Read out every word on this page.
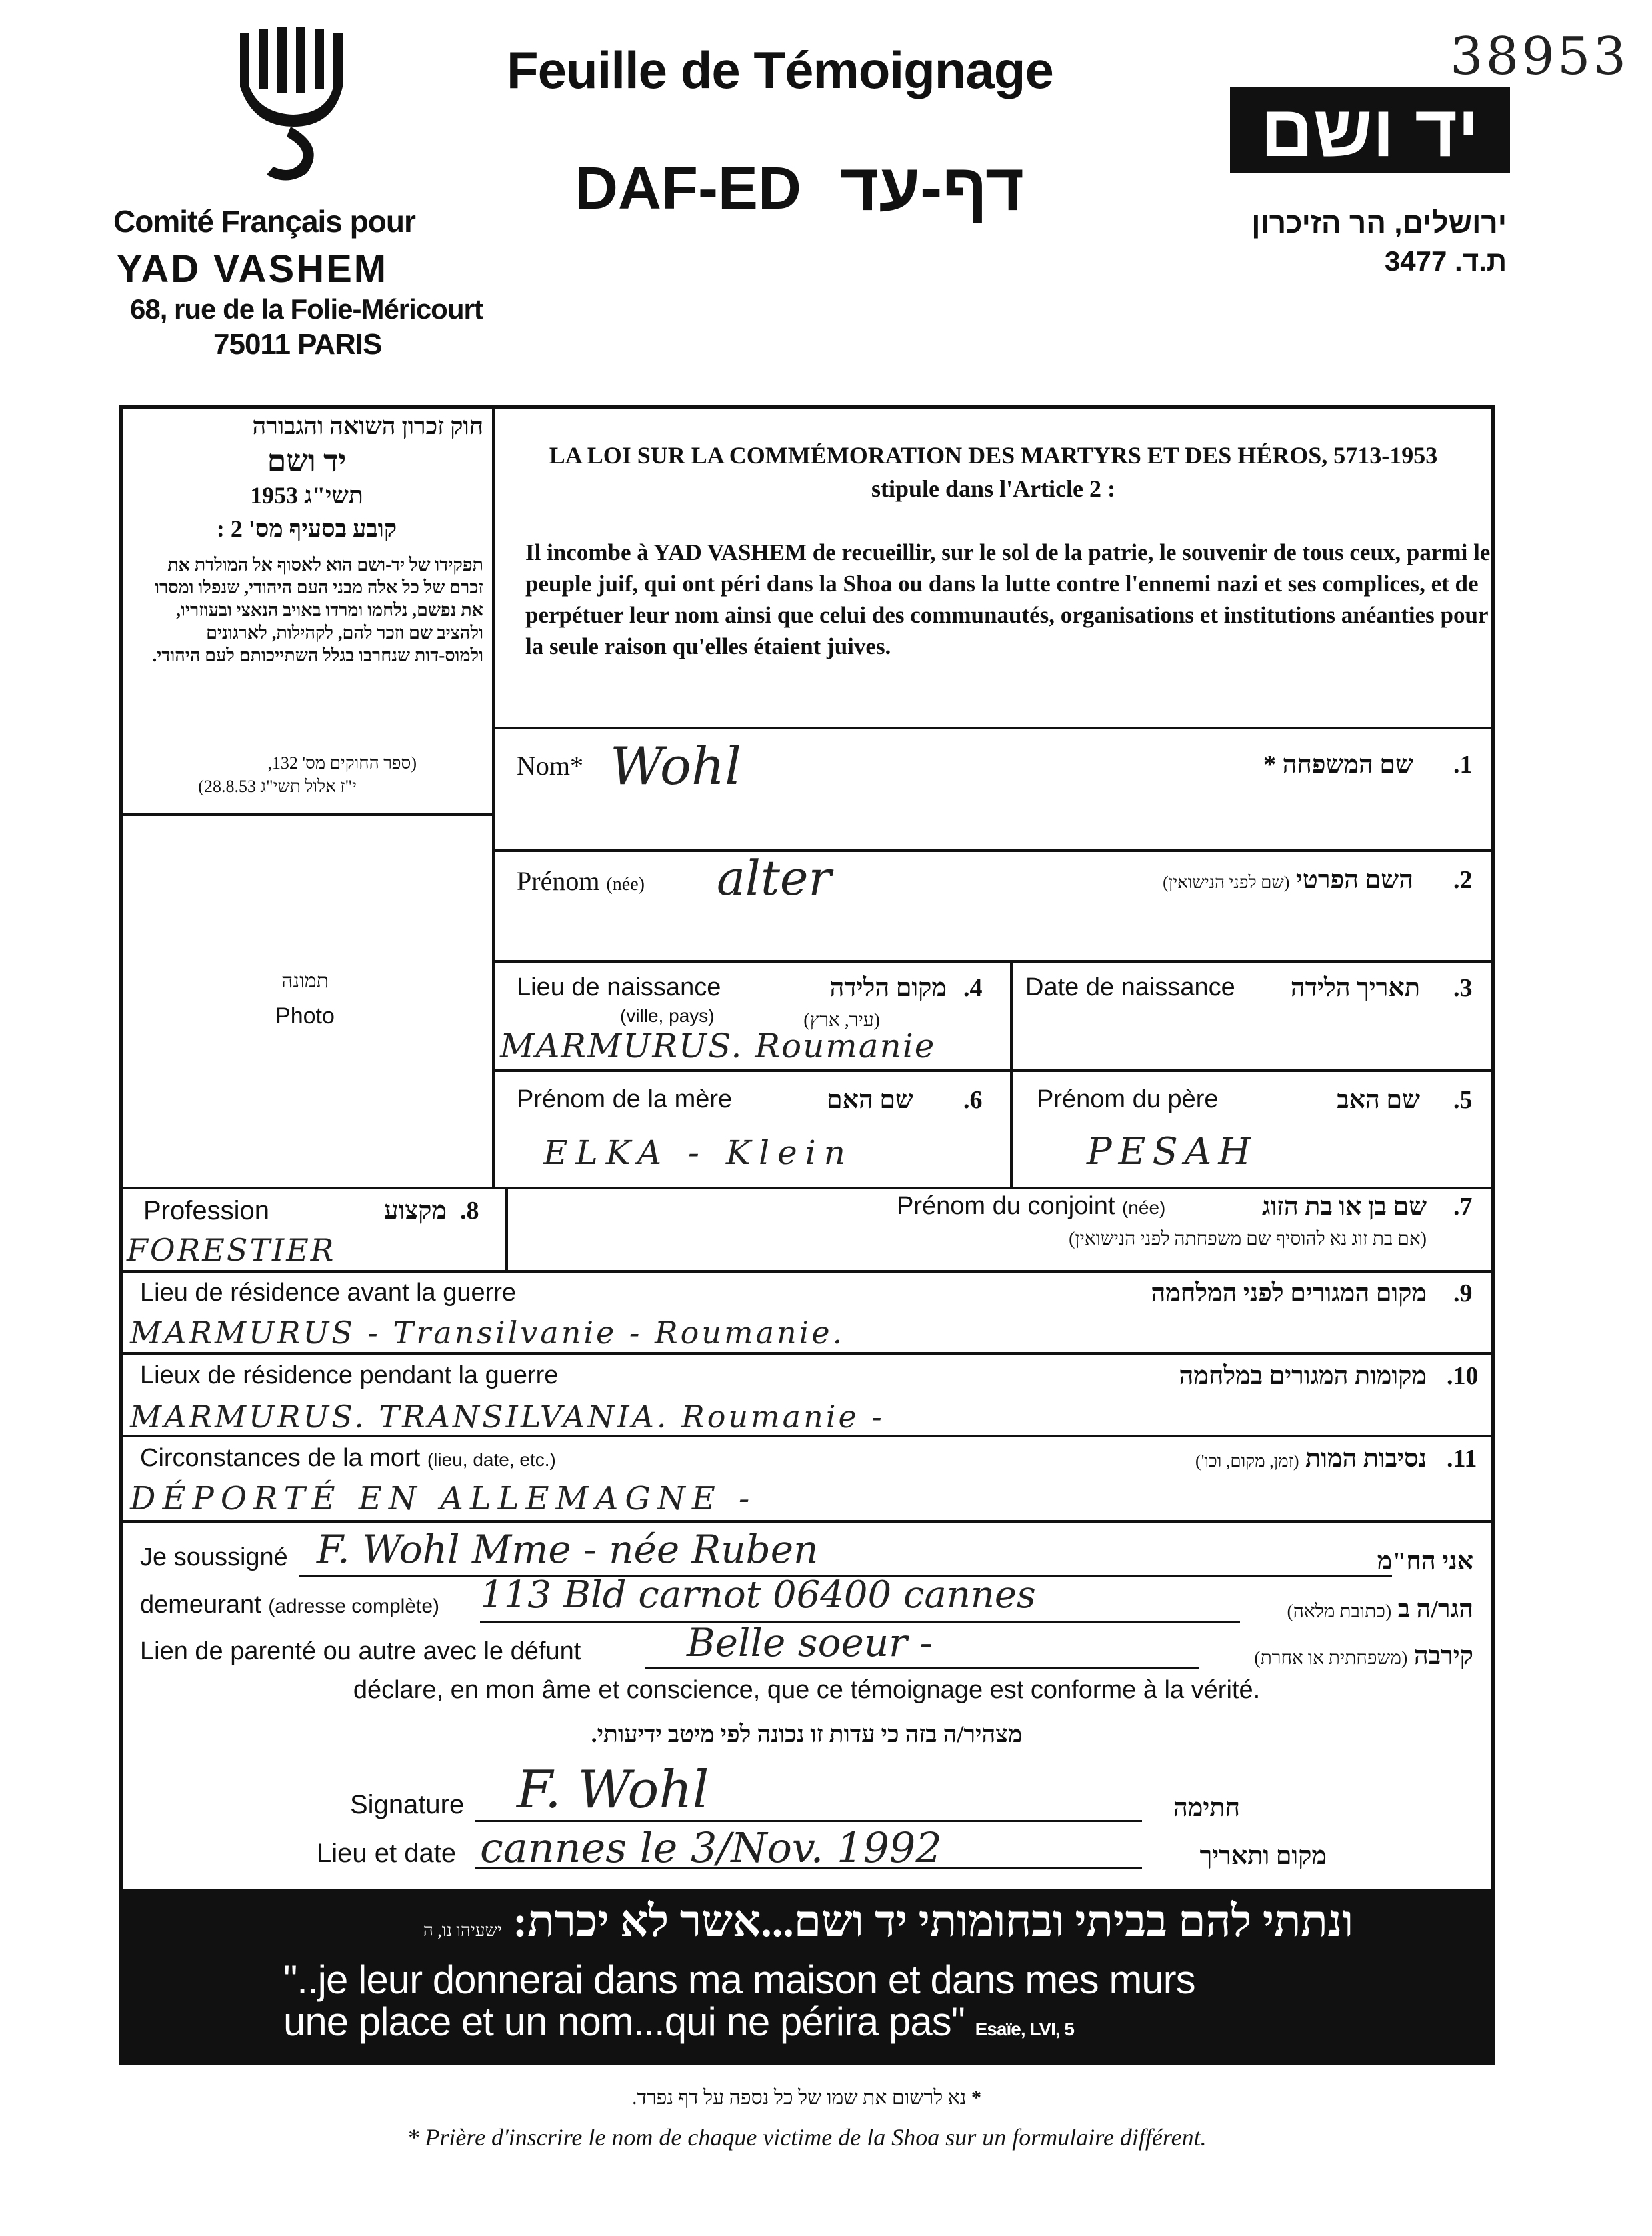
Comité Français pour
YAD VASHEM
68, rue de la Folie-Méricourt
75011 PARIS
Feuille de Témoignage
DAF-ED דף-עד
38953
יד ושם
ירושלים, הר הזיכרון
ת.ד. 3477
חוק זכרון השואה והגבורה
יד ושם
תשי"ג 1953
קובע בסעיף מס' 2 :
תפקידו של יד-ושם הוא לאסוף אל המולדת את זכרם של כל אלה מבני העם היהודי, שנפלו ומסרו את נפשם, נלחמו ומרדו באויב הנאצי ובעוזריו, ולהציב שם וזכר להם, לקהילות, לארגונים ולמוס-דות שנחרבו בגלל השתייכותם לעם היהודי.
(ספר החוקים מס' 132,
י"ז אלול תשי"ג 28.8.53)
LA LOI SUR LA COMMÉMORATION DES MARTYRS ET DES HÉROS, 5713-1953
stipule dans l'Article 2 :
Il incombe à YAD VASHEM de recueillir, sur le sol de la patrie, le souvenir de tous ceux, parmi le peuple juif, qui ont péri dans la Shoa ou dans la lutte contre l'ennemi nazi et ses complices, et de perpétuer leur nom ainsi que celui des communautés, organisations et institutions anéanties pour la seule raison qu'elles étaient juives.
תמונה
Photo
Nom* Wohl	שם המשפחה * .1
Prénom (née) alter	השם הפרטי (שם לפני הנישואין)	.2
Lieu de naissance
(ville, pays)
מקום הלידה
(עיר, ארץ)
.4
MARMURUS. Roumanie
Date de naissance	תאריך הלידה .3
Prénom de la mère	שם האם .6
ELKA - Klein
Prénom du père	שם האב .5
PESAH
Profession	מקצוע .8
FORESTIER
Prénom du conjoint (née)	שם בן או בת הזוג .7
(אם בת זוג נא להוסיף שם משפחתה לפני הנישואין)
Lieu de résidence avant la guerre	מקום המגורים לפני המלחמה .9
MARMURUS - Transilvanie - Roumanie.
Lieux de résidence pendant la guerre	מקומות המגורים במלחמה .10
MARMURUS. TRANSILVANIA. Roumanie -
Circonstances de la mort (lieu, date, etc.)	נסיבות המות (זמן, מקום, וכו')	.11
DÉPORTÉ EN ALLEMAGNE -
Je soussigné F. Wohl Mme - née Ruben	אני הח"מ
demeurant (adresse complète) 113 Bld carnot 06400 cannes	הגר/ה ב (כתובת מלאה)
Lien de parenté ou autre avec le défunt	Belle soeur -	קירבה (משפחתית או אחרת)
déclare, en mon âme et conscience, que ce témoignage est conforme à la vérité.
מצהיר/ה בזה כי עדות זו נכונה לפי מיטב ידיעותי.
Signature F. Wohl	חתימה
Lieu et date cannes le 3/Nov. 1992	מקום ותאריך
ונתתי להם בביתי ובחומותי יד ושם...אשר לא יכרת: ישעיהו נו, ה
"..je leur donnerai dans ma maison et dans mes murs
une place et un nom...qui ne périra pas" Esaïe, LVI, 5
* נא לרשום את שמו של כל נספה על דף נפרד.
* Prière d'inscrire le nom de chaque victime de la Shoa sur un formulaire différent.
